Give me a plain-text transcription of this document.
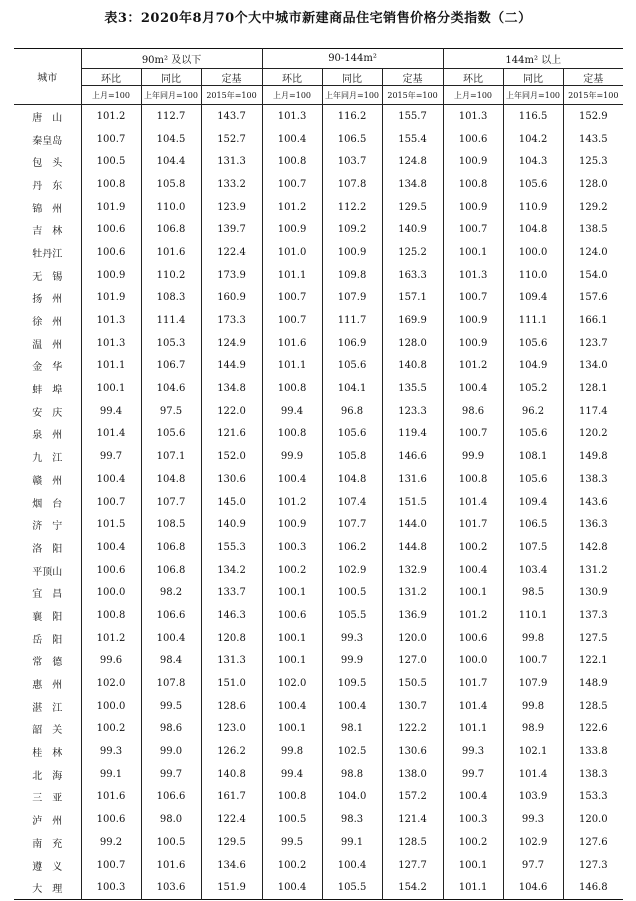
表3：2020年8月70个大中城市新建商品住宅销售价格分类指数（二）
城市	90m² 及以下			90-144m²			144m² 以上		
	环比	同比	定基	环比	同比	定基	环比	同比	定基
	上月=100	上年同月=100	2015年=100	上月=100	上年同月=100	2015年=100	上月=100	上年同月=100	2015年=100
唐　山	101.2	112.7	143.7	101.3	116.2	155.7	101.3	116.5	152.9
秦皇岛	100.7	104.5	152.7	100.4	106.5	155.4	100.6	104.2	143.5
包　头	100.5	104.4	131.3	100.8	103.7	124.8	100.9	104.3	125.3
丹　东	100.8	105.8	133.2	100.7	107.8	134.8	100.8	105.6	128.0
锦　州	101.9	110.0	123.9	101.2	112.2	129.5	100.9	110.9	129.2
吉　林	100.6	106.8	139.7	100.9	109.2	140.9	100.7	104.8	138.5
牡丹江	100.6	101.6	122.4	101.0	100.9	125.2	100.1	100.0	124.0
无　锡	100.9	110.2	173.9	101.1	109.8	163.3	101.3	110.0	154.0
扬　州	101.9	108.3	160.9	100.7	107.9	157.1	100.7	109.4	157.6
徐　州	101.3	111.4	173.3	100.7	111.7	169.9	100.9	111.1	166.1
温　州	101.3	105.3	124.9	101.6	106.9	128.0	100.9	105.6	123.7
金　华	101.1	106.7	144.9	101.1	105.6	140.8	101.2	104.9	134.0
蚌　埠	100.1	104.6	134.8	100.8	104.1	135.5	100.4	105.2	128.1
安　庆	99.4	97.5	122.0	99.4	96.8	123.3	98.6	96.2	117.4
泉　州	101.4	105.6	121.6	100.8	105.6	119.4	100.7	105.6	120.2
九　江	99.7	107.1	152.0	99.9	105.8	146.6	99.9	108.1	149.8
赣　州	100.4	104.8	130.6	100.4	104.8	131.6	100.8	105.6	138.3
烟　台	100.7	107.7	145.0	101.2	107.4	151.5	101.4	109.4	143.6
济　宁	101.5	108.5	140.9	100.9	107.7	144.0	101.7	106.5	136.3
洛　阳	100.4	106.8	155.3	100.3	106.2	144.8	100.2	107.5	142.8
平顶山	100.6	106.8	134.2	100.2	102.9	132.9	100.4	103.4	131.2
宜　昌	100.0	98.2	133.7	100.1	100.5	131.2	100.1	98.5	130.9
襄　阳	100.8	106.6	146.3	100.6	105.5	136.9	101.2	110.1	137.3
岳　阳	101.2	100.4	120.8	100.1	99.3	120.0	100.6	99.8	127.5
常　德	99.6	98.4	131.3	100.1	99.9	127.0	100.0	100.7	122.1
惠　州	102.0	107.8	151.0	102.0	109.5	150.5	101.7	107.9	148.9
湛　江	100.0	99.5	128.6	100.4	100.4	130.7	101.4	99.8	128.5
韶　关	100.2	98.6	123.0	100.1	98.1	122.2	101.1	98.9	122.6
桂　林	99.3	99.0	126.2	99.8	102.5	130.6	99.3	102.1	133.8
北　海	99.1	99.7	140.8	99.4	98.8	138.0	99.7	101.4	138.3
三　亚	101.6	106.6	161.7	100.8	104.0	157.2	100.4	103.9	153.3
泸　州	100.6	98.0	122.4	100.5	98.3	121.4	100.3	99.3	120.0
南　充	99.2	100.5	129.5	99.5	99.1	128.5	100.2	102.9	127.6
遵　义	100.7	101.6	134.6	100.2	100.4	127.7	100.1	97.7	127.3
大　理	100.3	103.6	151.9	100.4	105.5	154.2	101.1	104.6	146.8
